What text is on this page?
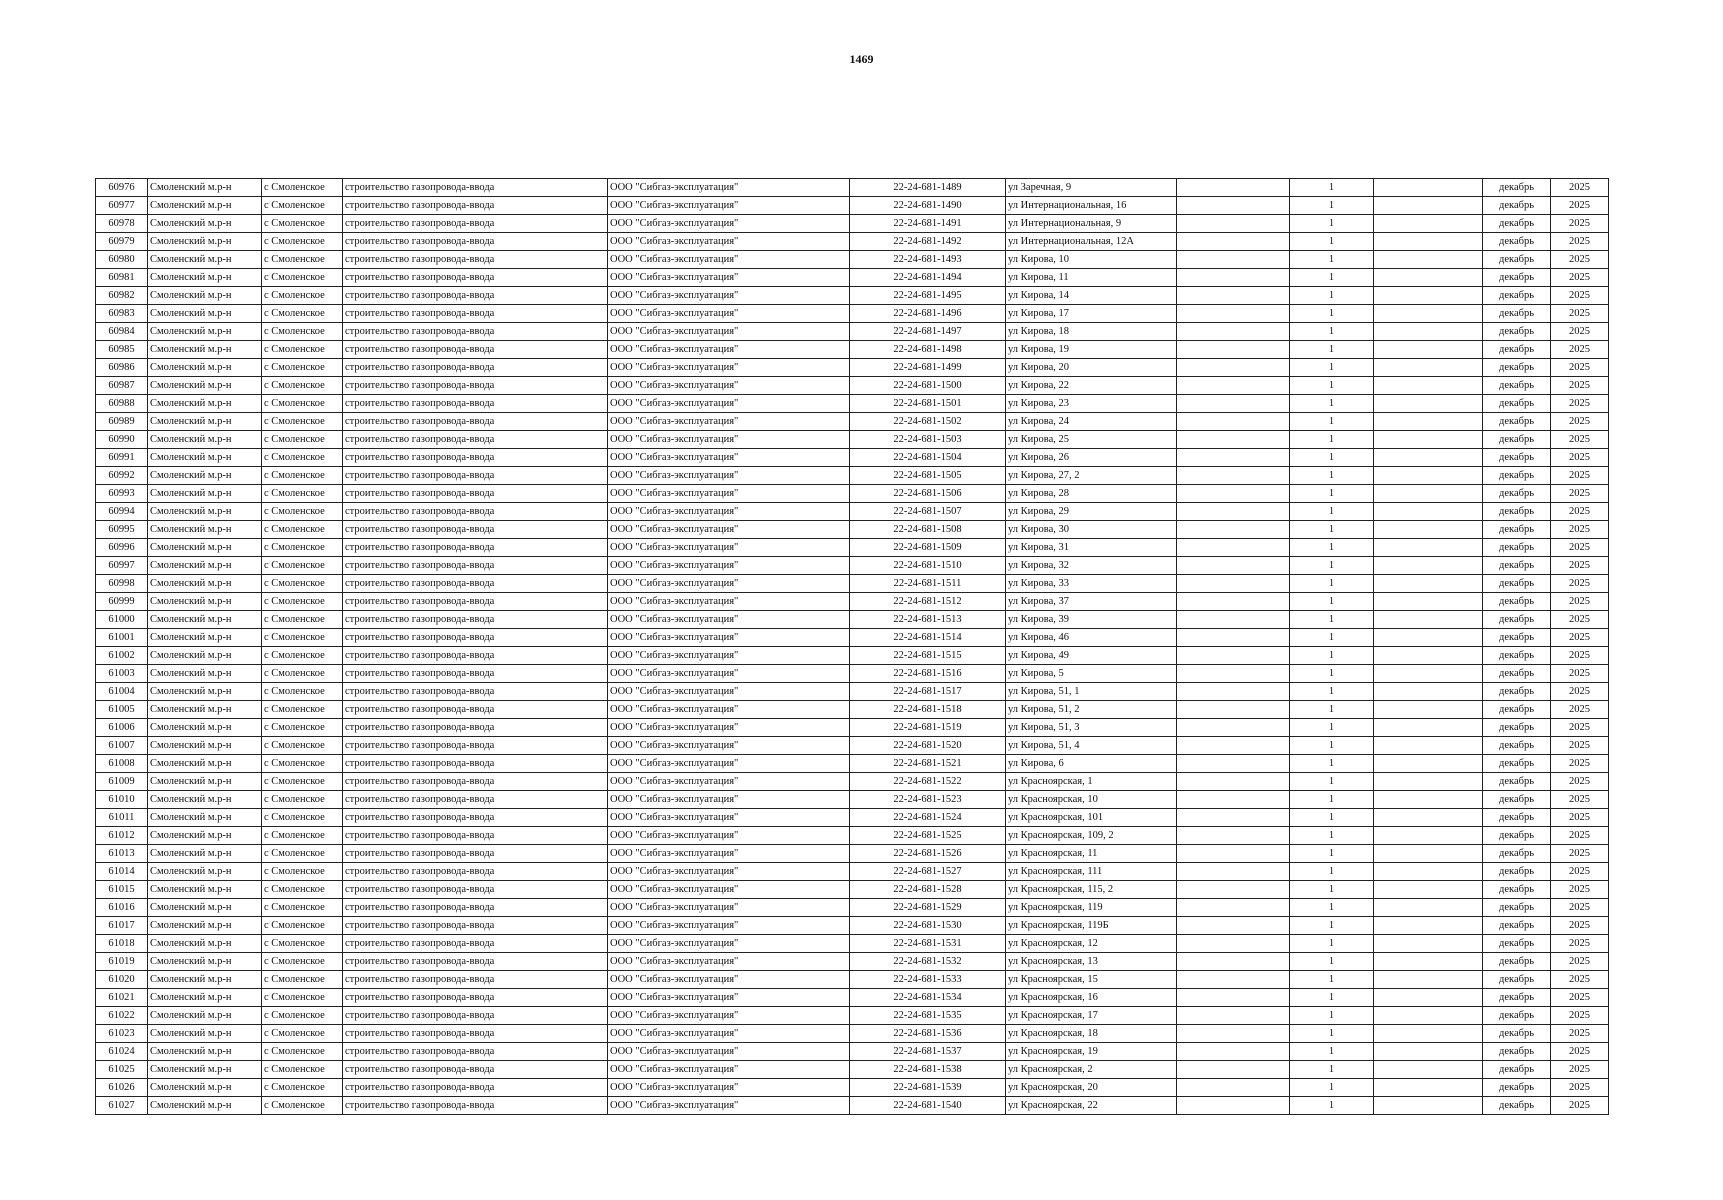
1469
60976	Смоленский м.р-н	с Смоленское	строительство газопровода-ввода	ООО "Сибгаз-эксплуатация"	22-24-681-1489	ул Заречная, 9		1		декабрь	2025
60977	Смоленский м.р-н	с Смоленское	строительство газопровода-ввода	ООО "Сибгаз-эксплуатация"	22-24-681-1490	ул Интернациональная, 16		1		декабрь	2025
60978	Смоленский м.р-н	с Смоленское	строительство газопровода-ввода	ООО "Сибгаз-эксплуатация"	22-24-681-1491	ул Интернациональная, 9		1		декабрь	2025
60979	Смоленский м.р-н	с Смоленское	строительство газопровода-ввода	ООО "Сибгаз-эксплуатация"	22-24-681-1492	ул Интернациональная, 12А		1		декабрь	2025
60980	Смоленский м.р-н	с Смоленское	строительство газопровода-ввода	ООО "Сибгаз-эксплуатация"	22-24-681-1493	ул Кирова, 10		1		декабрь	2025
60981	Смоленский м.р-н	с Смоленское	строительство газопровода-ввода	ООО "Сибгаз-эксплуатация"	22-24-681-1494	ул Кирова, 11		1		декабрь	2025
60982	Смоленский м.р-н	с Смоленское	строительство газопровода-ввода	ООО "Сибгаз-эксплуатация"	22-24-681-1495	ул Кирова, 14		1		декабрь	2025
60983	Смоленский м.р-н	с Смоленское	строительство газопровода-ввода	ООО "Сибгаз-эксплуатация"	22-24-681-1496	ул Кирова, 17		1		декабрь	2025
60984	Смоленский м.р-н	с Смоленское	строительство газопровода-ввода	ООО "Сибгаз-эксплуатация"	22-24-681-1497	ул Кирова, 18		1		декабрь	2025
60985	Смоленский м.р-н	с Смоленское	строительство газопровода-ввода	ООО "Сибгаз-эксплуатация"	22-24-681-1498	ул Кирова, 19		1		декабрь	2025
60986	Смоленский м.р-н	с Смоленское	строительство газопровода-ввода	ООО "Сибгаз-эксплуатация"	22-24-681-1499	ул Кирова, 20		1		декабрь	2025
60987	Смоленский м.р-н	с Смоленское	строительство газопровода-ввода	ООО "Сибгаз-эксплуатация"	22-24-681-1500	ул Кирова, 22		1		декабрь	2025
60988	Смоленский м.р-н	с Смоленское	строительство газопровода-ввода	ООО "Сибгаз-эксплуатация"	22-24-681-1501	ул Кирова, 23		1		декабрь	2025
60989	Смоленский м.р-н	с Смоленское	строительство газопровода-ввода	ООО "Сибгаз-эксплуатация"	22-24-681-1502	ул Кирова, 24		1		декабрь	2025
60990	Смоленский м.р-н	с Смоленское	строительство газопровода-ввода	ООО "Сибгаз-эксплуатация"	22-24-681-1503	ул Кирова, 25		1		декабрь	2025
60991	Смоленский м.р-н	с Смоленское	строительство газопровода-ввода	ООО "Сибгаз-эксплуатация"	22-24-681-1504	ул Кирова, 26		1		декабрь	2025
60992	Смоленский м.р-н	с Смоленское	строительство газопровода-ввода	ООО "Сибгаз-эксплуатация"	22-24-681-1505	ул Кирова, 27, 2		1		декабрь	2025
60993	Смоленский м.р-н	с Смоленское	строительство газопровода-ввода	ООО "Сибгаз-эксплуатация"	22-24-681-1506	ул Кирова, 28		1		декабрь	2025
60994	Смоленский м.р-н	с Смоленское	строительство газопровода-ввода	ООО "Сибгаз-эксплуатация"	22-24-681-1507	ул Кирова, 29		1		декабрь	2025
60995	Смоленский м.р-н	с Смоленское	строительство газопровода-ввода	ООО "Сибгаз-эксплуатация"	22-24-681-1508	ул Кирова, 30		1		декабрь	2025
60996	Смоленский м.р-н	с Смоленское	строительство газопровода-ввода	ООО "Сибгаз-эксплуатация"	22-24-681-1509	ул Кирова, 31		1		декабрь	2025
60997	Смоленский м.р-н	с Смоленское	строительство газопровода-ввода	ООО "Сибгаз-эксплуатация"	22-24-681-1510	ул Кирова, 32		1		декабрь	2025
60998	Смоленский м.р-н	с Смоленское	строительство газопровода-ввода	ООО "Сибгаз-эксплуатация"	22-24-681-1511	ул Кирова, 33		1		декабрь	2025
60999	Смоленский м.р-н	с Смоленское	строительство газопровода-ввода	ООО "Сибгаз-эксплуатация"	22-24-681-1512	ул Кирова, 37		1		декабрь	2025
61000	Смоленский м.р-н	с Смоленское	строительство газопровода-ввода	ООО "Сибгаз-эксплуатация"	22-24-681-1513	ул Кирова, 39		1		декабрь	2025
61001	Смоленский м.р-н	с Смоленское	строительство газопровода-ввода	ООО "Сибгаз-эксплуатация"	22-24-681-1514	ул Кирова, 46		1		декабрь	2025
61002	Смоленский м.р-н	с Смоленское	строительство газопровода-ввода	ООО "Сибгаз-эксплуатация"	22-24-681-1515	ул Кирова, 49		1		декабрь	2025
61003	Смоленский м.р-н	с Смоленское	строительство газопровода-ввода	ООО "Сибгаз-эксплуатация"	22-24-681-1516	ул Кирова, 5		1		декабрь	2025
61004	Смоленский м.р-н	с Смоленское	строительство газопровода-ввода	ООО "Сибгаз-эксплуатация"	22-24-681-1517	ул Кирова, 51, 1		1		декабрь	2025
61005	Смоленский м.р-н	с Смоленское	строительство газопровода-ввода	ООО "Сибгаз-эксплуатация"	22-24-681-1518	ул Кирова, 51, 2		1		декабрь	2025
61006	Смоленский м.р-н	с Смоленское	строительство газопровода-ввода	ООО "Сибгаз-эксплуатация"	22-24-681-1519	ул Кирова, 51, 3		1		декабрь	2025
61007	Смоленский м.р-н	с Смоленское	строительство газопровода-ввода	ООО "Сибгаз-эксплуатация"	22-24-681-1520	ул Кирова, 51, 4		1		декабрь	2025
61008	Смоленский м.р-н	с Смоленское	строительство газопровода-ввода	ООО "Сибгаз-эксплуатация"	22-24-681-1521	ул Кирова, 6		1		декабрь	2025
61009	Смоленский м.р-н	с Смоленское	строительство газопровода-ввода	ООО "Сибгаз-эксплуатация"	22-24-681-1522	ул Красноярская, 1		1		декабрь	2025
61010	Смоленский м.р-н	с Смоленское	строительство газопровода-ввода	ООО "Сибгаз-эксплуатация"	22-24-681-1523	ул Красноярская, 10		1		декабрь	2025
61011	Смоленский м.р-н	с Смоленское	строительство газопровода-ввода	ООО "Сибгаз-эксплуатация"	22-24-681-1524	ул Красноярская, 101		1		декабрь	2025
61012	Смоленский м.р-н	с Смоленское	строительство газопровода-ввода	ООО "Сибгаз-эксплуатация"	22-24-681-1525	ул Красноярская, 109, 2		1		декабрь	2025
61013	Смоленский м.р-н	с Смоленское	строительство газопровода-ввода	ООО "Сибгаз-эксплуатация"	22-24-681-1526	ул Красноярская, 11		1		декабрь	2025
61014	Смоленский м.р-н	с Смоленское	строительство газопровода-ввода	ООО "Сибгаз-эксплуатация"	22-24-681-1527	ул Красноярская, 111		1		декабрь	2025
61015	Смоленский м.р-н	с Смоленское	строительство газопровода-ввода	ООО "Сибгаз-эксплуатация"	22-24-681-1528	ул Красноярская, 115, 2		1		декабрь	2025
61016	Смоленский м.р-н	с Смоленское	строительство газопровода-ввода	ООО "Сибгаз-эксплуатация"	22-24-681-1529	ул Красноярская, 119		1		декабрь	2025
61017	Смоленский м.р-н	с Смоленское	строительство газопровода-ввода	ООО "Сибгаз-эксплуатация"	22-24-681-1530	ул Красноярская, 119Б		1		декабрь	2025
61018	Смоленский м.р-н	с Смоленское	строительство газопровода-ввода	ООО "Сибгаз-эксплуатация"	22-24-681-1531	ул Красноярская, 12		1		декабрь	2025
61019	Смоленский м.р-н	с Смоленское	строительство газопровода-ввода	ООО "Сибгаз-эксплуатация"	22-24-681-1532	ул Красноярская, 13		1		декабрь	2025
61020	Смоленский м.р-н	с Смоленское	строительство газопровода-ввода	ООО "Сибгаз-эксплуатация"	22-24-681-1533	ул Красноярская, 15		1		декабрь	2025
61021	Смоленский м.р-н	с Смоленское	строительство газопровода-ввода	ООО "Сибгаз-эксплуатация"	22-24-681-1534	ул Красноярская, 16		1		декабрь	2025
61022	Смоленский м.р-н	с Смоленское	строительство газопровода-ввода	ООО "Сибгаз-эксплуатация"	22-24-681-1535	ул Красноярская, 17		1		декабрь	2025
61023	Смоленский м.р-н	с Смоленское	строительство газопровода-ввода	ООО "Сибгаз-эксплуатация"	22-24-681-1536	ул Красноярская, 18		1		декабрь	2025
61024	Смоленский м.р-н	с Смоленское	строительство газопровода-ввода	ООО "Сибгаз-эксплуатация"	22-24-681-1537	ул Красноярская, 19		1		декабрь	2025
61025	Смоленский м.р-н	с Смоленское	строительство газопровода-ввода	ООО "Сибгаз-эксплуатация"	22-24-681-1538	ул Красноярская, 2		1		декабрь	2025
61026	Смоленский м.р-н	с Смоленское	строительство газопровода-ввода	ООО "Сибгаз-эксплуатация"	22-24-681-1539	ул Красноярская, 20		1		декабрь	2025
61027	Смоленский м.р-н	с Смоленское	строительство газопровода-ввода	ООО "Сибгаз-эксплуатация"	22-24-681-1540	ул Красноярская, 22		1		декабрь	2025
